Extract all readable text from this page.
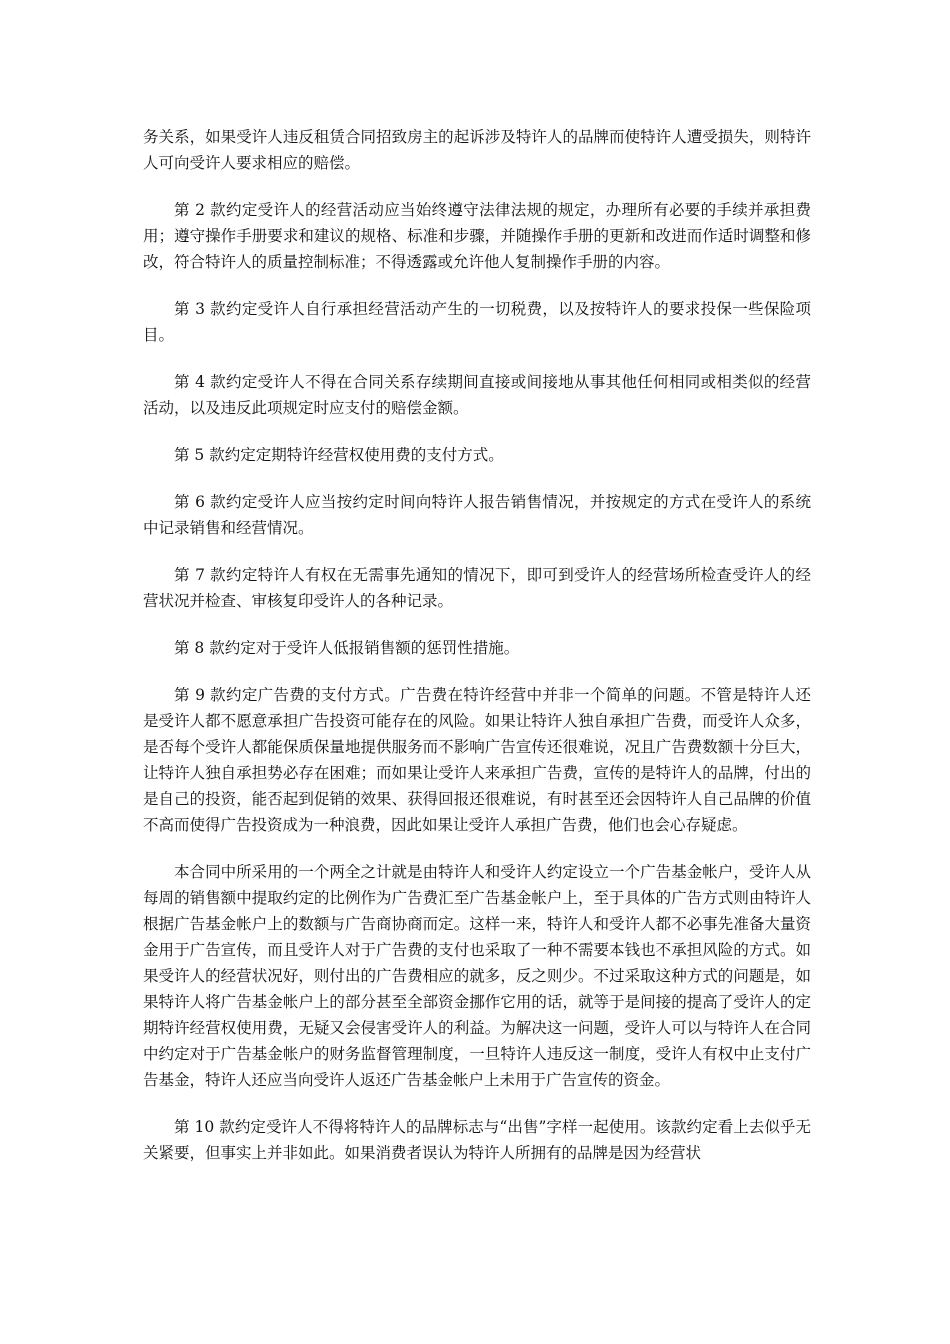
务关系，如果受许人违反租赁合同招致房主的起诉涉及特许人的品牌而使特许人遭受损失，则特许人可向受许人要求相应的赔偿。

第 2 款约定受许人的经营活动应当始终遵守法律法规的规定，办理所有必要的手续并承担费用；遵守操作手册要求和建议的规格、标准和步骤，并随操作手册的更新和改进而作适时调整和修改，符合特许人的质量控制标准；不得透露或允许他人复制操作手册的内容。

第 3 款约定受许人自行承担经营活动产生的一切税费，以及按特许人的要求投保一些保险项目。

第 4 款约定受许人不得在合同关系存续期间直接或间接地从事其他任何相同或相类似的经营活动，以及违反此项规定时应支付的赔偿金额。

第 5 款约定定期特许经营权使用费的支付方式。

第 6 款约定受许人应当按约定时间向特许人报告销售情况，并按规定的方式在受许人的系统中记录销售和经营情况。

第 7 款约定特许人有权在无需事先通知的情况下，即可到受许人的经营场所检查受许人的经营状况并检查、审核复印受许人的各种记录。

第 8 款约定对于受许人低报销售额的惩罚性措施。

第 9 款约定广告费的支付方式。广告费在特许经营中并非一个简单的问题。不管是特许人还是受许人都不愿意承担广告投资可能存在的风险。如果让特许人独自承担广告费，而受许人众多，是否每个受许人都能保质保量地提供服务而不影响广告宣传还很难说，况且广告费数额十分巨大，让特许人独自承担势必存在困难；而如果让受许人来承担广告费，宣传的是特许人的品牌，付出的是自己的投资，能否起到促销的效果、获得回报还很难说，有时甚至还会因特许人自己品牌的价值不高而使得广告投资成为一种浪费，因此如果让受许人承担广告费，他们也会心存疑虑。

本合同中所采用的一个两全之计就是由特许人和受许人约定设立一个广告基金帐户，受许人从每周的销售额中提取约定的比例作为广告费汇至广告基金帐户上，至于具体的广告方式则由特许人根据广告基金帐户上的数额与广告商协商而定。这样一来，特许人和受许人都不必事先准备大量资金用于广告宣传，而且受许人对于广告费的支付也采取了一种不需要本钱也不承担风险的方式。如果受许人的经营状况好，则付出的广告费相应的就多，反之则少。不过采取这种方式的问题是，如果特许人将广告基金帐户上的部分甚至全部资金挪作它用的话，就等于是间接的提高了受许人的定期特许经营权使用费，无疑又会侵害受许人的利益。为解决这一问题，受许人可以与特许人在合同中约定对于广告基金帐户的财务监督管理制度，一旦特许人违反这一制度，受许人有权中止支付广告基金，特许人还应当向受许人返还广告基金帐户上未用于广告宣传的资金。

第 10 款约定受许人不得将特许人的品牌标志与“出售”字样一起使用。该款约定看上去似乎无关紧要，但事实上并非如此。如果消费者误认为特许人所拥有的品牌是因为经营状
